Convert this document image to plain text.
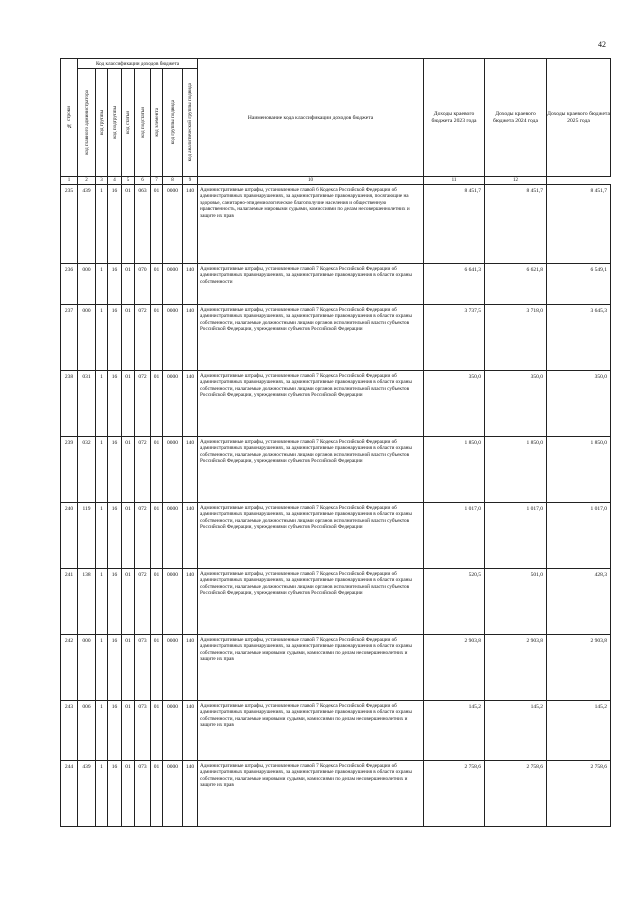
42
№ строки	Код классификации доходов бюджета								Наименование кода классификации доходов бюджета	Доходы краевого бюджета 2023 года	Доходы краевого бюджета 2024 года	Доходы краевого бюджета 2025 года

	код главного администратора	код группы	код подгруппы	код статьи	код подстатьи	код элемента	код группы подвида	код аналитической группы подвида				

1	2	3	4	5	6	7	8	9	10	11	12	
235	439	1	16	01	063	01	0000	140	Административные штрафы, установленные главой 6 Кодекса Российской Федерации об административных правонарушениях, за административные правонарушения, посягающие на здоровье, санитарно-эпидемиологическое благополучие населения и общественную нравственность, налагаемые мировыми судьями, комиссиями по делам несовершеннолетних и защите их прав	8 451,7	8 451,7	8 451,7
236	000	1	16	01	070	01	0000	140	Административные штрафы, установленные главой 7 Кодекса Российской Федерации об административных правонарушениях, за административные правонарушения в области охраны собственности	6 641,3	6 621,8	6 549,1
237	000	1	16	01	072	01	0000	140	Административные штрафы, установленные главой 7 Кодекса Российской Федерации об административных правонарушениях, за административные правонарушения в области охраны собственности, налагаемые должностными лицами органов исполнительной власти субъектов Российской Федерации, учреждениями субъектов Российской Федерации	3 737,5	3 718,0	3 645,3
238	031	1	16	01	072	01	0000	140	Административные штрафы, установленные главой 7 Кодекса Российской Федерации об административных правонарушениях, за административные правонарушения в области охраны собственности, налагаемые должностными лицами органов исполнительной власти субъектов Российской Федерации, учреждениями субъектов Российской Федерации	350,0	350,0	350,0
239	032	1	16	01	072	01	0000	140	Административные штрафы, установленные главой 7 Кодекса Российской Федерации об административных правонарушениях, за административные правонарушения в области охраны собственности, налагаемые должностными лицами органов исполнительной власти субъектов Российской Федерации, учреждениями субъектов Российской Федерации	1 850,0	1 850,0	1 850,0
240	119	1	16	01	072	01	0000	140	Административные штрафы, установленные главой 7 Кодекса Российской Федерации об административных правонарушениях, за административные правонарушения в области охраны собственности, налагаемые должностными лицами органов исполнительной власти субъектов Российской Федерации, учреждениями субъектов Российской Федерации	1 017,0	1 017,0	1 017,0
241	138	1	16	01	072	01	0000	140	Административные штрафы, установленные главой 7 Кодекса Российской Федерации об административных правонарушениях, за административные правонарушения в области охраны собственности, налагаемые должностными лицами органов исполнительной власти субъектов Российской Федерации, учреждениями субъектов Российской Федерации	520,5	501,0	428,3
242	000	1	16	01	073	01	0000	140	Административные штрафы, установленные главой 7 Кодекса Российской Федерации об административных правонарушениях, за административные правонарушения в области охраны собственности, налагаемые мировыми судьями, комиссиями по делам несовершеннолетних и защите их прав	2 903,8	2 903,8	2 903,8
243	006	1	16	01	073	01	0000	140	Административные штрафы, установленные главой 7 Кодекса Российской Федерации об административных правонарушениях, за административные правонарушения в области охраны собственности, налагаемые мировыми судьями, комиссиями по делам несовершеннолетних и защите их прав	145,2	145,2	145,2
244	439	1	16	01	073	01	0000	140	Административные штрафы, установленные главой 7 Кодекса Российской Федерации об административных правонарушениях, за административные правонарушения в области охраны собственности, налагаемые мировыми судьями, комиссиями по делам несовершеннолетних и защите их прав	2 758,6	2 758,6	2 758,6
